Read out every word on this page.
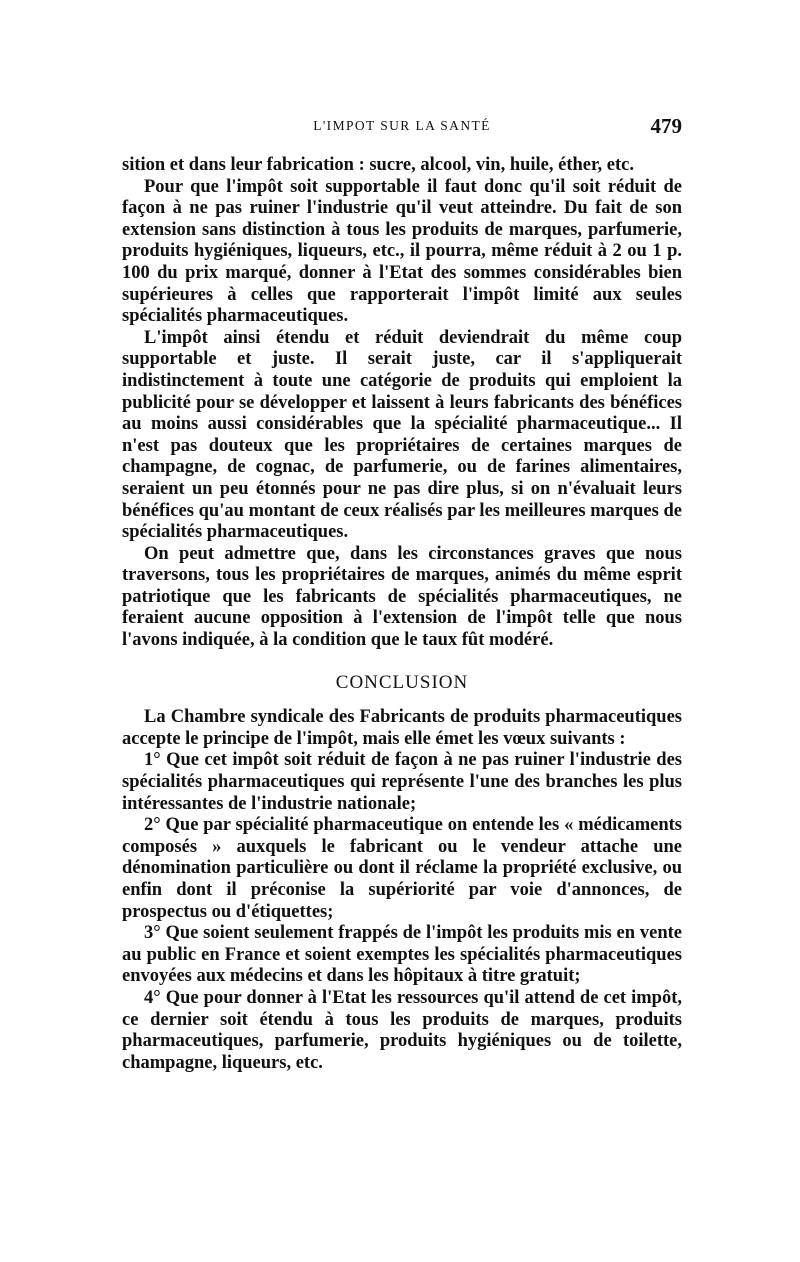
L'IMPOT SUR LA SANTÉ	479

sition et dans leur fabrication : sucre, alcool, vin, huile, éther, etc.

Pour que l'impôt soit supportable il faut donc qu'il soit réduit de façon à ne pas ruiner l'industrie qu'il veut atteindre. Du fait de son extension sans distinction à tous les produits de marques, parfumerie, produits hygiéniques, liqueurs, etc., il pourra, même réduit à 2 ou 1 p. 100 du prix marqué, donner à l'Etat des sommes considérables bien supérieures à celles que rapporterait l'impôt limité aux seules spécialités pharmaceutiques.

L'impôt ainsi étendu et réduit deviendrait du même coup supportable et juste. Il serait juste, car il s'appliquerait indistinctement à toute une catégorie de produits qui emploient la publicité pour se développer et laissent à leurs fabricants des bénéfices au moins aussi considérables que la spécialité pharmaceutique... Il n'est pas douteux que les propriétaires de certaines marques de champagne, de cognac, de parfumerie, ou de farines alimentaires, seraient un peu étonnés pour ne pas dire plus, si on n'évaluait leurs bénéfices qu'au montant de ceux réalisés par les meilleures marques de spécialités pharmaceutiques.

On peut admettre que, dans les circonstances graves que nous traversons, tous les propriétaires de marques, animés du même esprit patriotique que les fabricants de spécialités pharmaceutiques, ne feraient aucune opposition à l'extension de l'impôt telle que nous l'avons indiquée, à la condition que le taux fût modéré.

CONCLUSION

La Chambre syndicale des Fabricants de produits pharmaceutiques accepte le principe de l'impôt, mais elle émet les vœux suivants :

1° Que cet impôt soit réduit de façon à ne pas ruiner l'industrie des spécialités pharmaceutiques qui représente l'une des branches les plus intéressantes de l'industrie nationale;

2° Que par spécialité pharmaceutique on entende les « médicaments composés » auxquels le fabricant ou le vendeur attache une dénomination particulière ou dont il réclame la propriété exclusive, ou enfin dont il préconise la supériorité par voie d'annonces, de prospectus ou d'étiquettes;

3° Que soient seulement frappés de l'impôt les produits mis en vente au public en France et soient exemptes les spécialités pharmaceutiques envoyées aux médecins et dans les hôpitaux à titre gratuit;

4° Que pour donner à l'Etat les ressources qu'il attend de cet impôt, ce dernier soit étendu à tous les produits de marques, produits pharmaceutiques, parfumerie, produits hygiéniques ou de toilette, champagne, liqueurs, etc.
